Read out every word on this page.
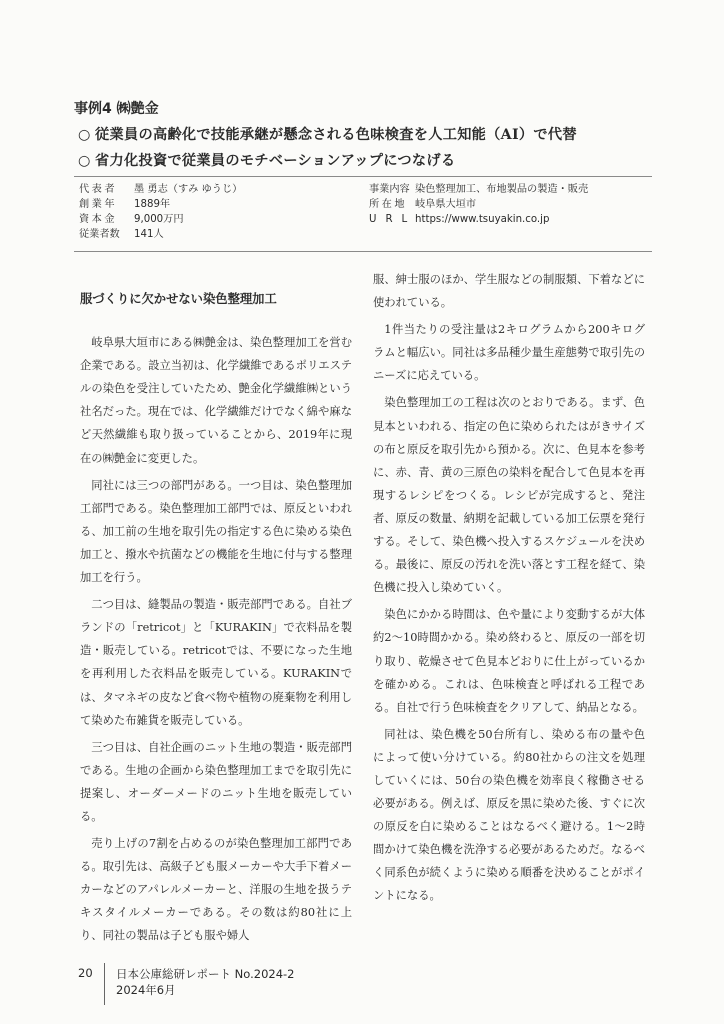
事例4 ㈱艶金
○ 従業員の高齢化で技能承継が懸念される色味検査を人工知能（AI）で代替
○ 省力化投資で従業員のモチベーションアップにつなげる
代表者 墨 勇志（すみ ゆうじ）
創業年 1889年
資本金 9,000万円
従業者数 141人
事業内容 染色整理加工、布地製品の製造・販売
所在地 岐阜県大垣市
URLhttps://www.tsuyakin.co.jp

服づくりに欠かせない染色整理加工

岐阜県大垣市にある㈱艶金は、染色整理加工を営む企業である。設立当初は、化学繊維であるポリエステルの染色を受注していたため、艶金化学繊維㈱という社名だった。現在では、化学繊維だけでなく綿や麻など天然繊維も取り扱っていることから、2019年に現在の㈱艶金に変更した。

同社には三つの部門がある。一つ目は、染色整理加工部門である。染色整理加工部門では、原反といわれる、加工前の生地を取引先の指定する色に染める染色加工と、撥水や抗菌などの機能を生地に付与する整理加工を行う。

二つ目は、縫製品の製造・販売部門である。自社ブランドの「retricot」と「KURAKIN」で衣料品を製造・販売している。retricotでは、不要になった生地を再利用した衣料品を販売している。KURAKINでは、タマネギの皮など食べ物や植物の廃棄物を利用して染めた布雑貨を販売している。

三つ目は、自社企画のニット生地の製造・販売部門である。生地の企画から染色整理加工までを取引先に提案し、オーダーメードのニット生地を販売している。

売り上げの7割を占めるのが染色整理加工部門である。取引先は、高級子ども服メーカーや大手下着メーカーなどのアパレルメーカーと、洋服の生地を扱うテキスタイルメーカーである。その数は約80社に上り、同社の製品は子ども服や婦人

服、紳士服のほか、学生服などの制服類、下着などに使われている。

1件当たりの受注量は2キログラムから200キログラムと幅広い。同社は多品種少量生産態勢で取引先のニーズに応えている。

染色整理加工の工程は次のとおりである。まず、色見本といわれる、指定の色に染められたはがきサイズの布と原反を取引先から預かる。次に、色見本を参考に、赤、青、黄の三原色の染料を配合して色見本を再現するレシピをつくる。レシピが完成すると、発注者、原反の数量、納期を記載している加工伝票を発行する。そして、染色機へ投入するスケジュールを決める。最後に、原反の汚れを洗い落とす工程を経て、染色機に投入し染めていく。

染色にかかる時間は、色や量により変動するが大体約2～10時間かかる。染め終わると、原反の一部を切り取り、乾燥させて色見本どおりに仕上がっているかを確かめる。これは、色味検査と呼ばれる工程である。自社で行う色味検査をクリアして、納品となる。

同社は、染色機を50台所有し、染める布の量や色によって使い分けている。約80社からの注文を処理していくには、50台の染色機を効率良く稼働させる必要がある。例えば、原反を黒に染めた後、すぐに次の原反を白に染めることはなるべく避ける。1～2時間かけて染色機を洗浄する必要があるためだ。なるべく同系色が続くように染める順番を決めることがポイントになる。

20 日本公庫総研レポート No.2024-2
2024年6月
